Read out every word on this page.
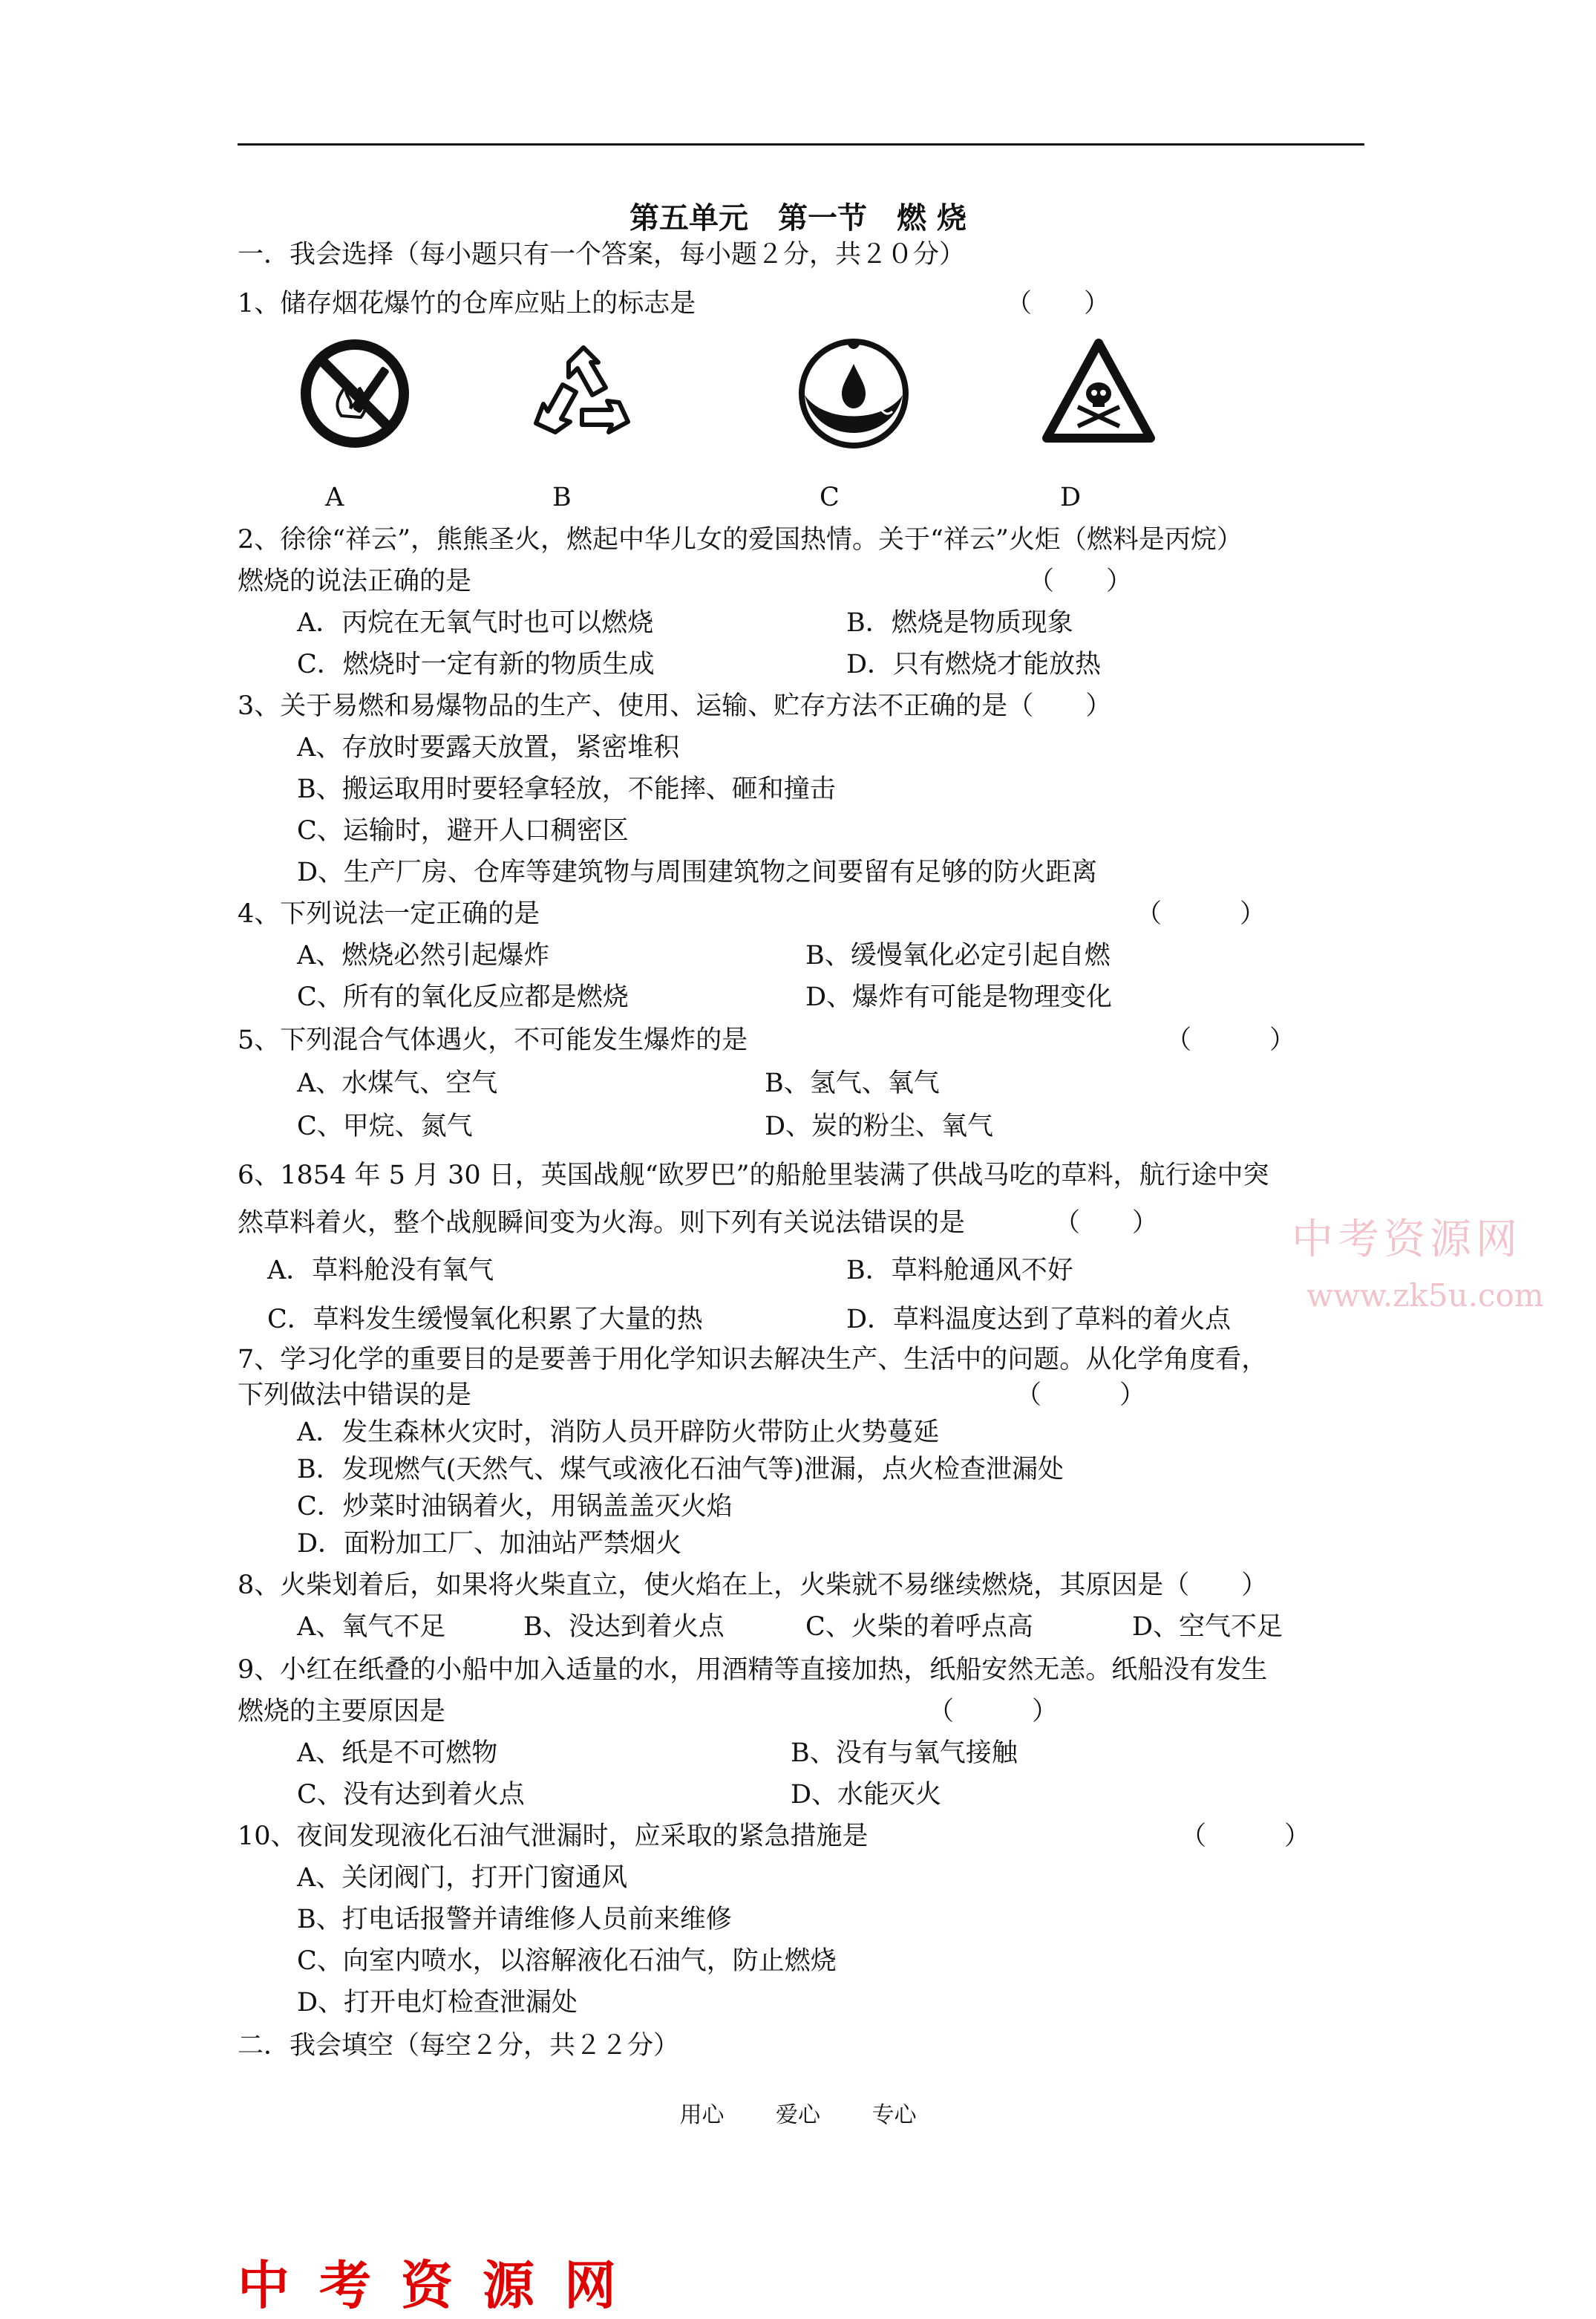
第五单元　第一节　燃 烧
一．我会选择（每小题只有一个答案，每小题２分，共２０分）
1、储存烟花爆竹的仓库应贴上的标志是	（　　）
A	B	C	D
2、徐徐“祥云”，熊熊圣火，燃起中华儿女的爱国热情。关于“祥云”火炬（燃料是丙烷）
燃烧的说法正确的是	（　　）
A．丙烷在无氧气时也可以燃烧	B．燃烧是物质现象
C．燃烧时一定有新的物质生成	D．只有燃烧才能放热
3、关于易燃和易爆物品的生产、使用、运输、贮存方法不正确的是（　　）
A、存放时要露天放置，紧密堆积
B、搬运取用时要轻拿轻放，不能摔、砸和撞击
C、运输时，避开人口稠密区
D、生产厂房、仓库等建筑物与周围建筑物之间要留有足够的防火距离
4、下列说法一定正确的是	（　　　）
A、燃烧必然引起爆炸	B、缓慢氧化必定引起自燃
C、所有的氧化反应都是燃烧	D、爆炸有可能是物理变化
5、下列混合气体遇火，不可能发生爆炸的是	（　　　）
A、水煤气、空气	B、氢气、氧气
C、甲烷、氮气	D、炭的粉尘、氧气
6、1854 年 5 月 30 日，英国战舰“欧罗巴”的船舱里装满了供战马吃的草料，航行途中突
然草料着火，整个战舰瞬间变为火海。则下列有关说法错误的是	（　　）
A．草料舱没有氧气	B．草料舱通风不好
C．草料发生缓慢氧化积累了大量的热	D．草料温度达到了草料的着火点
7、学习化学的重要目的是要善于用化学知识去解决生产、生活中的问题。从化学角度看，
下列做法中错误的是	（　　　）
A．发生森林火灾时，消防人员开辟防火带防止火势蔓延
B．发现燃气(天然气、煤气或液化石油气等)泄漏，点火检查泄漏处
C．炒菜时油锅着火，用锅盖盖灭火焰
D．面粉加工厂、加油站严禁烟火
8、火柴划着后，如果将火柴直立，使火焰在上，火柴就不易继续燃烧，其原因是（　　）
A、氧气不足	B、没达到着火点	C、火柴的着呼点高	D、空气不足
9、小红在纸叠的小船中加入适量的水，用酒精等直接加热，纸船安然无恙。纸船没有发生
燃烧的主要原因是	（　　　）
A、纸是不可燃物	B、没有与氧气接触
C、没有达到着火点	D、水能灭火
10、夜间发现液化石油气泄漏时，应采取的紧急措施是	（　　　）
A、关闭阀门，打开门窗通风
B、打电话报警并请维修人员前来维修
C、向室内喷水，以溶解液化石油气，防止燃烧
D、打开电灯检查泄漏处
二．我会填空（每空２分，共２２分）
用心 爱心 专心
中考资源网
www.zk5u.com
中考资源网
